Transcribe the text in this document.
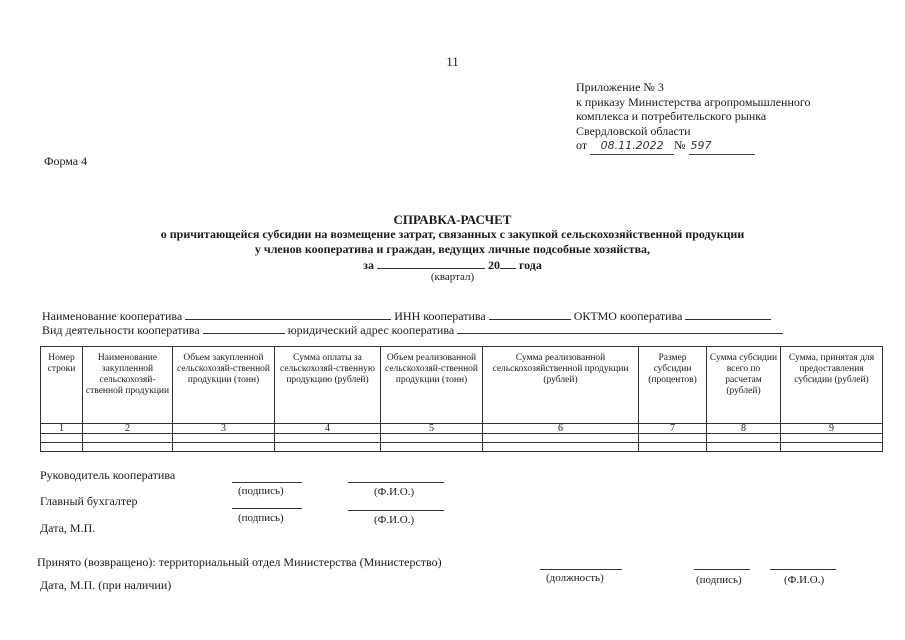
11
Приложение № 3
к приказу Министерства агропромышленного
комплекса и потребительского рынка
Свердловской области
от 08.11.2022 № 597
Форма 4
СПРАВКА-РАСЧЕТ
о причитающейся субсидии на возмещение затрат, связанных с закупкой сельскохозяйственной продукции
у членов кооператива и граждан, ведущих личные подсобные хозяйства,
за	20 года
(квартал)
Наименование кооператива	ИНН кооператива	ОКТМО кооператива
Вид деятельности кооператива	юридический адрес кооператива
Номер строки	Наименование закупленной сельскохозяй-ственной продукции	Объем закупленной сельскохозяй-ственной продукции (тонн)	Сумма оплаты за сельскохозяй-ственную продукцию (рублей)	Объем реализованной сельскохозяй-ственной продукции (тонн)	Сумма реализованной сельскохозяйственной продукции (рублей)	Размер субсидии (процентов)	Сумма субсидии всего по расчетам (рублей)	Сумма, принятая для предоставления субсидии (рублей)
1	2	3	4	5	6	7	8	9

Руководитель кооператива
(подпись)	(Ф.И.О.)
Главный бухгалтер
(подпись)	(Ф.И.О.)
Дата, М.П.
Принято (возвращено): территориальный отдел Министерства (Министерство)
Дата, М.П. (при наличии)	(должность)	(подпись)	(Ф.И.О.)
